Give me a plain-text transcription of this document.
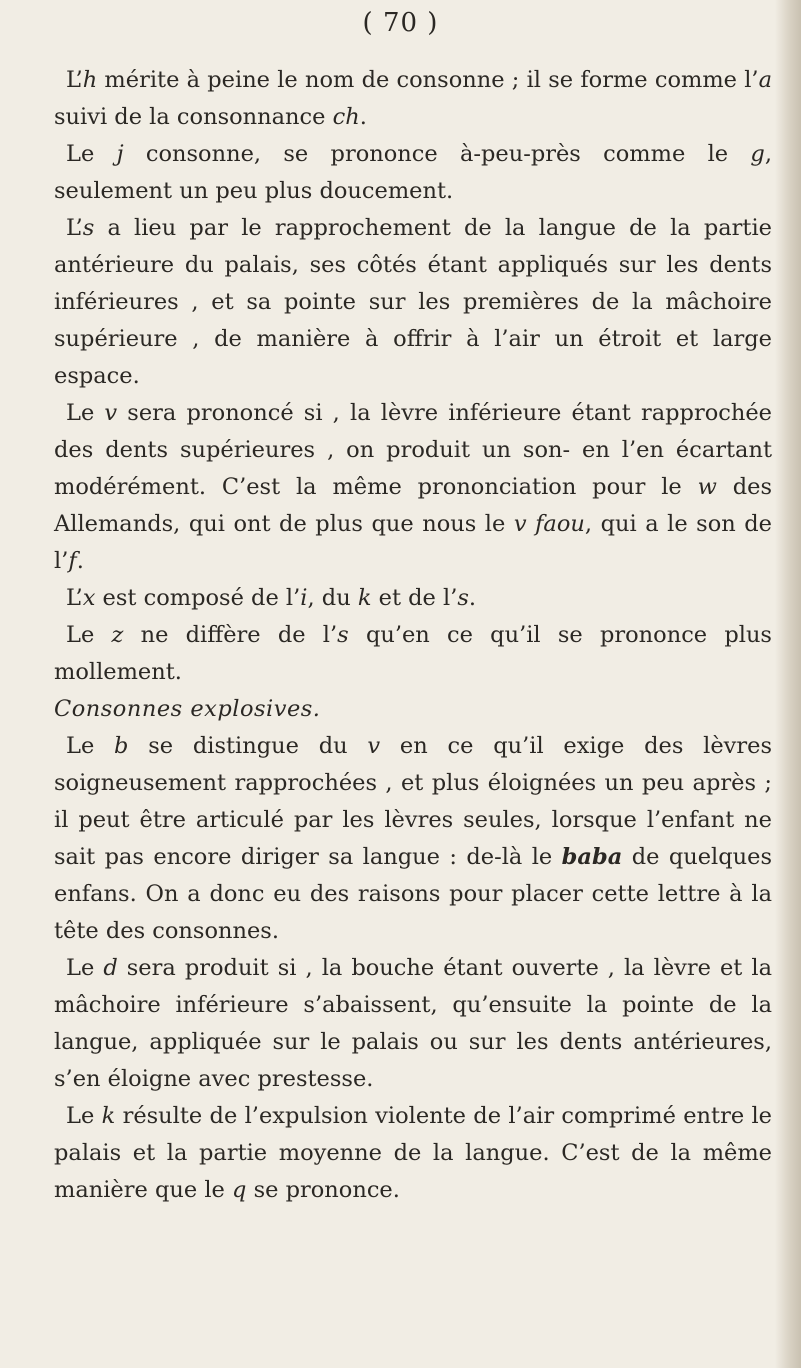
( 70 )

L’h mérite à peine le nom de consonne ; il se forme comme l’a suivi de la consonnance ch.

Le j consonne, se prononce à-peu-près comme le g, seulement un peu plus doucement.

L’s a lieu par le rapprochement de la langue de la partie antérieure du palais, ses côtés étant appliqués sur les dents inférieures , et sa pointe sur les premières de la mâchoire supérieure , de manière à offrir à l’air un étroit et large espace.

Le v sera prononcé si , la lèvre inférieure étant rapprochée des dents supérieures , on produit un son- en l’en écartant modérément. C’est la même prononciation pour le w des Allemands, qui ont de plus que nous le v faou, qui a le son de l’f.

L’x est composé de l’i, du k et de l’s.

Le z ne diffère de l’s qu’en ce qu’il se prononce plus mollement.

Consonnes explosives.

Le b se distingue du v en ce qu’il exige des lèvres soigneusement rapprochées , et plus éloignées un peu après ; il peut être articulé par les lèvres seules, lorsque l’enfant ne sait pas encore diriger sa langue : de-là le baba de quelques enfans. On a donc eu des raisons pour placer cette lettre à la tête des consonnes.

Le d sera produit si , la bouche étant ouverte , la lèvre et la mâchoire inférieure s’abaissent, qu’ensuite la pointe de la langue, appliquée sur le palais ou sur les dents antérieures, s’en éloigne avec prestesse.

Le k résulte de l’expulsion violente de l’air comprimé entre le palais et la partie moyenne de la langue. C’est de la même manière que le q se prononce.
